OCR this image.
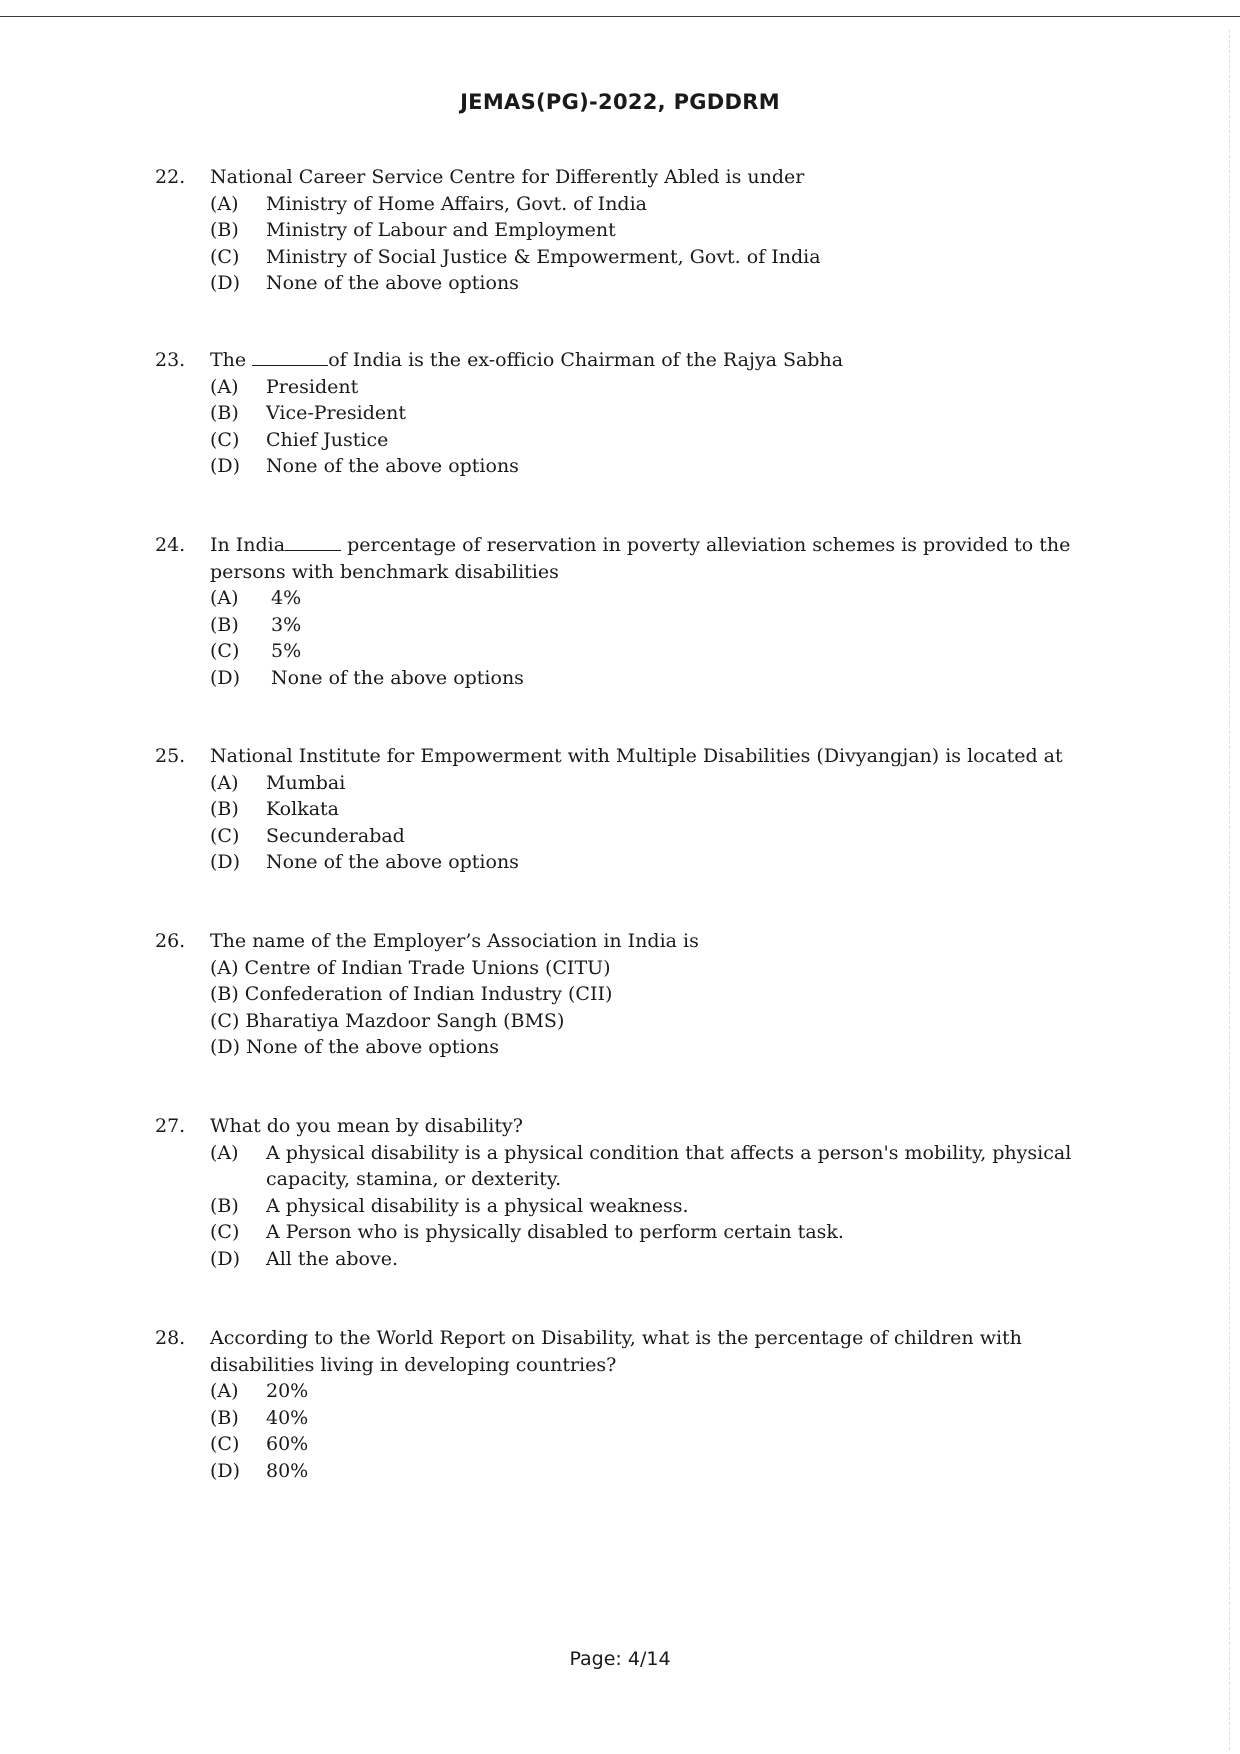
JEMAS(PG)-2022, PGDDRM
22.	National Career Service Centre for Differently Abled is under
(A)	Ministry of Home Affairs, Govt. of India
(B)	Ministry of Labour and Employment
(C)	Ministry of Social Justice & Empowerment, Govt. of India
(D)	None of the above options
23.	The	of India is the ex-officio Chairman of the Rajya Sabha
(A)	President
(B)	Vice-President
(C)	Chief Justice
(D)	None of the above options
24.	In India	percentage of reservation in poverty alleviation schemes is provided to the persons with benchmark disabilities
(A)	4%
(B)	3%
(C)	5%
(D)	None of the above options
25.	National Institute for Empowerment with Multiple Disabilities (Divyangjan) is located at
(A)	Mumbai
(B)	Kolkata
(C)	Secunderabad
(D)	None of the above options
26.	The name of the Employer’s Association in India is
(A) Centre of Indian Trade Unions (CITU)
(B) Confederation of Indian Industry (CII)
(C) Bharatiya Mazdoor Sangh (BMS)
(D) None of the above options
27.	What do you mean by disability?
(A)	A physical disability is a physical condition that affects a person's mobility, physical capacity, stamina, or dexterity.
(B)	A physical disability is a physical weakness.
(C)	A Person who is physically disabled to perform certain task.
(D)	All the above.
28.	According to the World Report on Disability, what is the percentage of children with disabilities living in developing countries?
(A)	20%
(B)	40%
(C)	60%
(D)	80%
Page: 4/14
